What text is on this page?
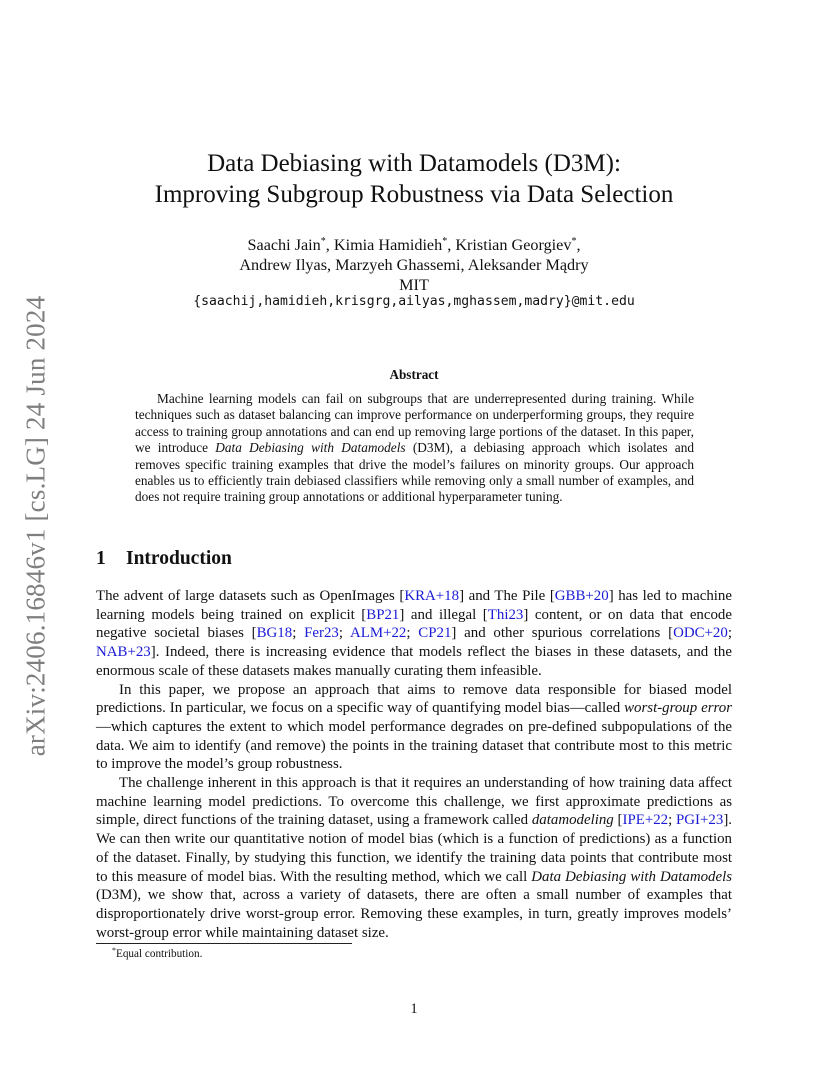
arXiv:2406.16846v1 [cs.LG] 24 Jun 2024
Data Debiasing with Datamodels (D3M):
Improving Subgroup Robustness via Data Selection
Saachi Jain*, Kimia Hamidieh*, Kristian Georgiev*,
Andrew Ilyas, Marzyeh Ghassemi, Aleksander Mądry
MIT
{saachij,hamidieh,krisgrg,ailyas,mghassem,madry}@mit.edu
Abstract
Machine learning models can fail on subgroups that are underrepresented during training. While techniques such as dataset balancing can improve performance on underperforming groups, they require access to training group annotations and can end up removing large portions of the dataset. In this paper, we introduce Data Debiasing with Datamodels (D3M), a debiasing approach which isolates and removes specific training examples that drive the model’s failures on minority groups. Our approach enables us to efficiently train debiased classifiers while removing only a small number of examples, and does not require training group annotations or additional hyperparameter tuning.
1 Introduction

The advent of large datasets such as OpenImages [KRA+18] and The Pile [GBB+20] has led to machine learning models being trained on explicit [BP21] and illegal [Thi23] content, or on data that encode negative societal biases [BG18; Fer23; ALM+22; CP21] and other spurious correlations [ODC+20; NAB+23]. Indeed, there is increasing evidence that models reflect the biases in these datasets, and the enormous scale of these datasets makes manually curating them infeasible.

In this paper, we propose an approach that aims to remove data responsible for biased model predictions. In particular, we focus on a specific way of quantifying model bias—called worst-group error—which captures the extent to which model performance degrades on pre-defined subpopulations of the data. We aim to identify (and remove) the points in the training dataset that contribute most to this metric to improve the model’s group robustness.

The challenge inherent in this approach is that it requires an understanding of how training data affect machine learning model predictions. To overcome this challenge, we first approximate predictions as simple, direct functions of the training dataset, using a framework called datamodeling [IPE+22; PGI+23]. We can then write our quantitative notion of model bias (which is a function of predictions) as a function of the dataset. Finally, by studying this function, we identify the training data points that contribute most to this measure of model bias. With the resulting method, which we call Data Debiasing with Datamodels (D3M), we show that, across a variety of datasets, there are often a small number of examples that disproportionately drive worst-group error. Removing these examples, in turn, greatly improves models’ worst-group error while maintaining dataset size.

*Equal contribution.
1
